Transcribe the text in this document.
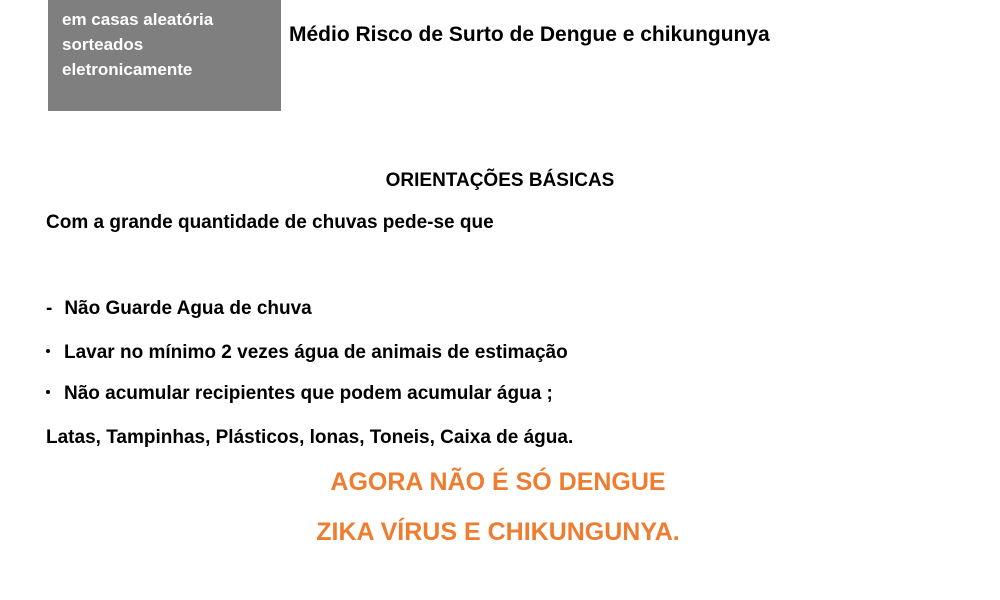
em casas aleatória
sorteados
eletronicamente
Médio Risco de Surto de Dengue e chikungunya
ORIENTAÇÕES BÁSICAS
Com a grande quantidade de chuvas pede-se que
- Não Guarde Agua de chuva
Lavar no mínimo 2 vezes água de animais de estimação
Não acumular recipientes que podem acumular água ;
Latas, Tampinhas, Plásticos, lonas, Toneis, Caixa de água.
AGORA NÃO É SÓ DENGUE
ZIKA VÍRUS E CHIKUNGUNYA.
